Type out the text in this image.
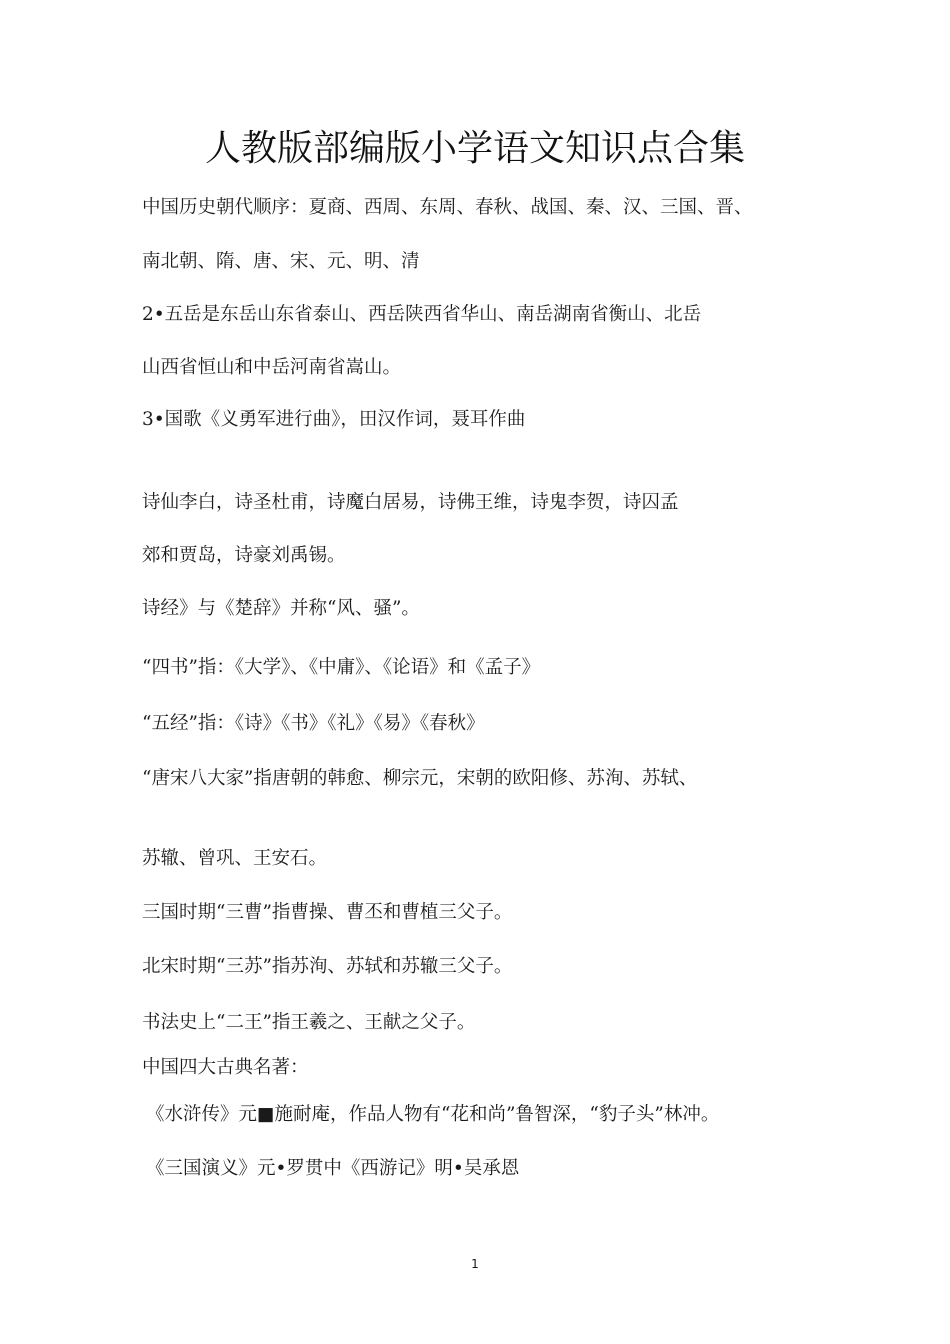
人教版部编版小学语文知识点合集
中国历史朝代顺序：夏商、西周、东周、春秋、战国、秦、汉、三国、晋、
南北朝、隋、唐、宋、元、明、清
2•五岳是东岳山东省泰山、西岳陕西省华山、南岳湖南省衡山、北岳
山西省恒山和中岳河南省嵩山。
3•国歌《义勇军进行曲》，田汉作词，聂耳作曲
诗仙李白，诗圣杜甫，诗魔白居易，诗佛王维，诗鬼李贺，诗囚孟
郊和贾岛，诗豪刘禹锡。
诗经》与《楚辞》并称“风、骚”。
“四书”指：《大学》、《中庸》、《论语》和《孟子》
“五经”指：《诗》《书》《礼》《易》《春秋》
“唐宋八大家”指唐朝的韩愈、柳宗元，宋朝的欧阳修、苏洵、苏轼、
苏辙、曾巩、王安石。
三国时期“三曹”指曹操、曹丕和曹植三父子。
北宋时期“三苏”指苏洵、苏轼和苏辙三父子。
书法史上“二王”指王羲之、王献之父子。
中国四大古典名著：
《水浒传》元■施耐庵，作品人物有“花和尚”鲁智深，“豹子头”林冲。
《三国演义》元•罗贯中《西游记》明•吴承恩
1
